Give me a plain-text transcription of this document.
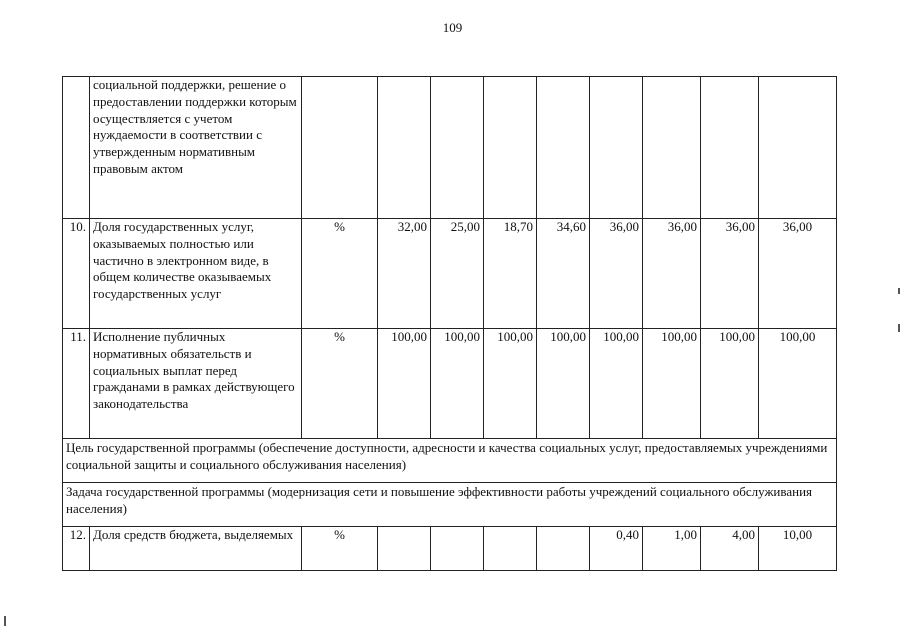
109
	социальной поддержки, решение о предоставлении поддержки которым осуществляется с учетом нуждаемости в соответствии с утвержденным нормативным правовым актом									
10.	Доля государственных услуг, оказываемых полностью или частично в электронном виде, в общем количестве оказываемых государственных услуг	%	32,00	25,00	18,70	34,60	36,00	36,00	36,00	36,00
11.	Исполнение публичных нормативных обязательств и социальных выплат перед гражданами в рамках действующего законодательства	%	100,00	100,00	100,00	100,00	100,00	100,00	100,00	100,00
Цель государственной программы (обеспечение доступности, адресности и качества социальных услуг, предоставляемых учреждениями социальной защиты и социального обслуживания населения)										
Задача государственной программы (модернизация сети и повышение эффективности работы учреждений социального обслуживания населения)										
12.	Доля средств бюджета, выделяемых	%					0,40	1,00	4,00	10,00
